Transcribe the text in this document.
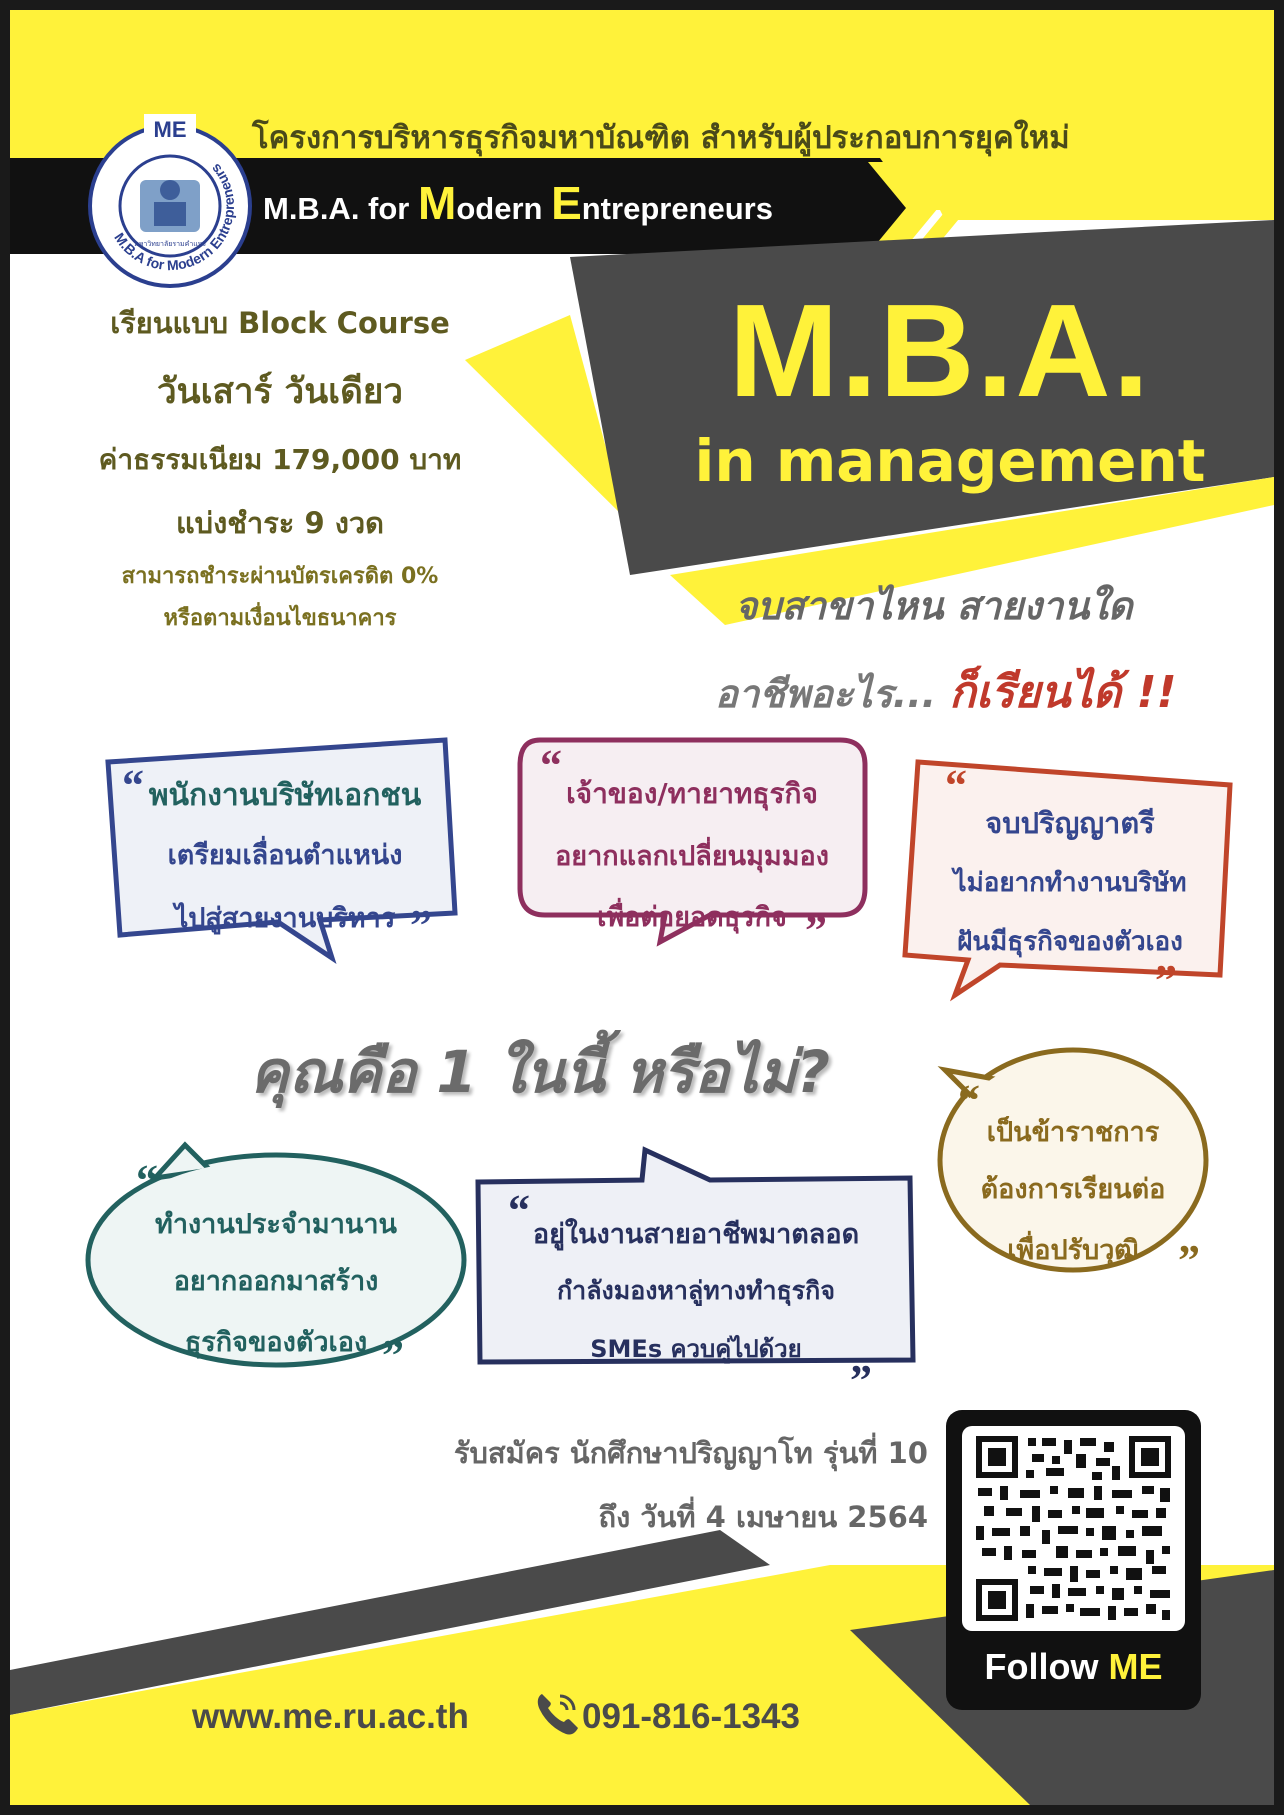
M.B.A for Modern Entrepreneurs
มหาวิทยาลัยรามคำแหง
ME	โครงการบริหารธุรกิจมหาบัณฑิต สำหรับผู้ประกอบการยุคใหม่
M.B.A. for Modern Entrepreneurs
เรียนแบบ Block Course
วันเสาร์ วันเดียว
ค่าธรรมเนียม 179,000 บาท
แบ่งชำระ 9 งวด
สามารถชำระผ่านบัตรเครดิต 0%
หรือตามเงื่อนไขธนาคาร
M.B.A.
in management
จบสาขาไหน สายงานใด
อาชีพอะไร... ก็เรียนได้ !!
“
”
“
”
“
”
“
”
“
”
“
”
พนักงานบริษัทเอกชน
เตรียมเลื่อนตำแหน่ง
ไปสู่สายงานบริหาร
เจ้าของ/ทายาทธุรกิจ
อยากแลกเปลี่ยนมุมมอง
เพื่อต่อยอดธุรกิจ
จบปริญญาตรี
ไม่อยากทำงานบริษัท
ฝันมีธุรกิจของตัวเอง
เป็นข้าราชการ
ต้องการเรียนต่อ
เพื่อปรับวุฒิ
ทำงานประจำมานาน
อยากออกมาสร้าง
ธุรกิจของตัวเอง
อยู่ในงานสายอาชีพมาตลอด
กำลังมองหาลู่ทางทำธุรกิจ
SMEs ควบคู่ไปด้วย
คุณคือ 1 ในนี้ หรือไม่?
รับสมัคร นักศึกษาปริญญาโท รุ่นที่ 10
ถึง วันที่ 4 เมษายน 2564
Follow ME
www.me.ru.ac.th	091-816-1343
